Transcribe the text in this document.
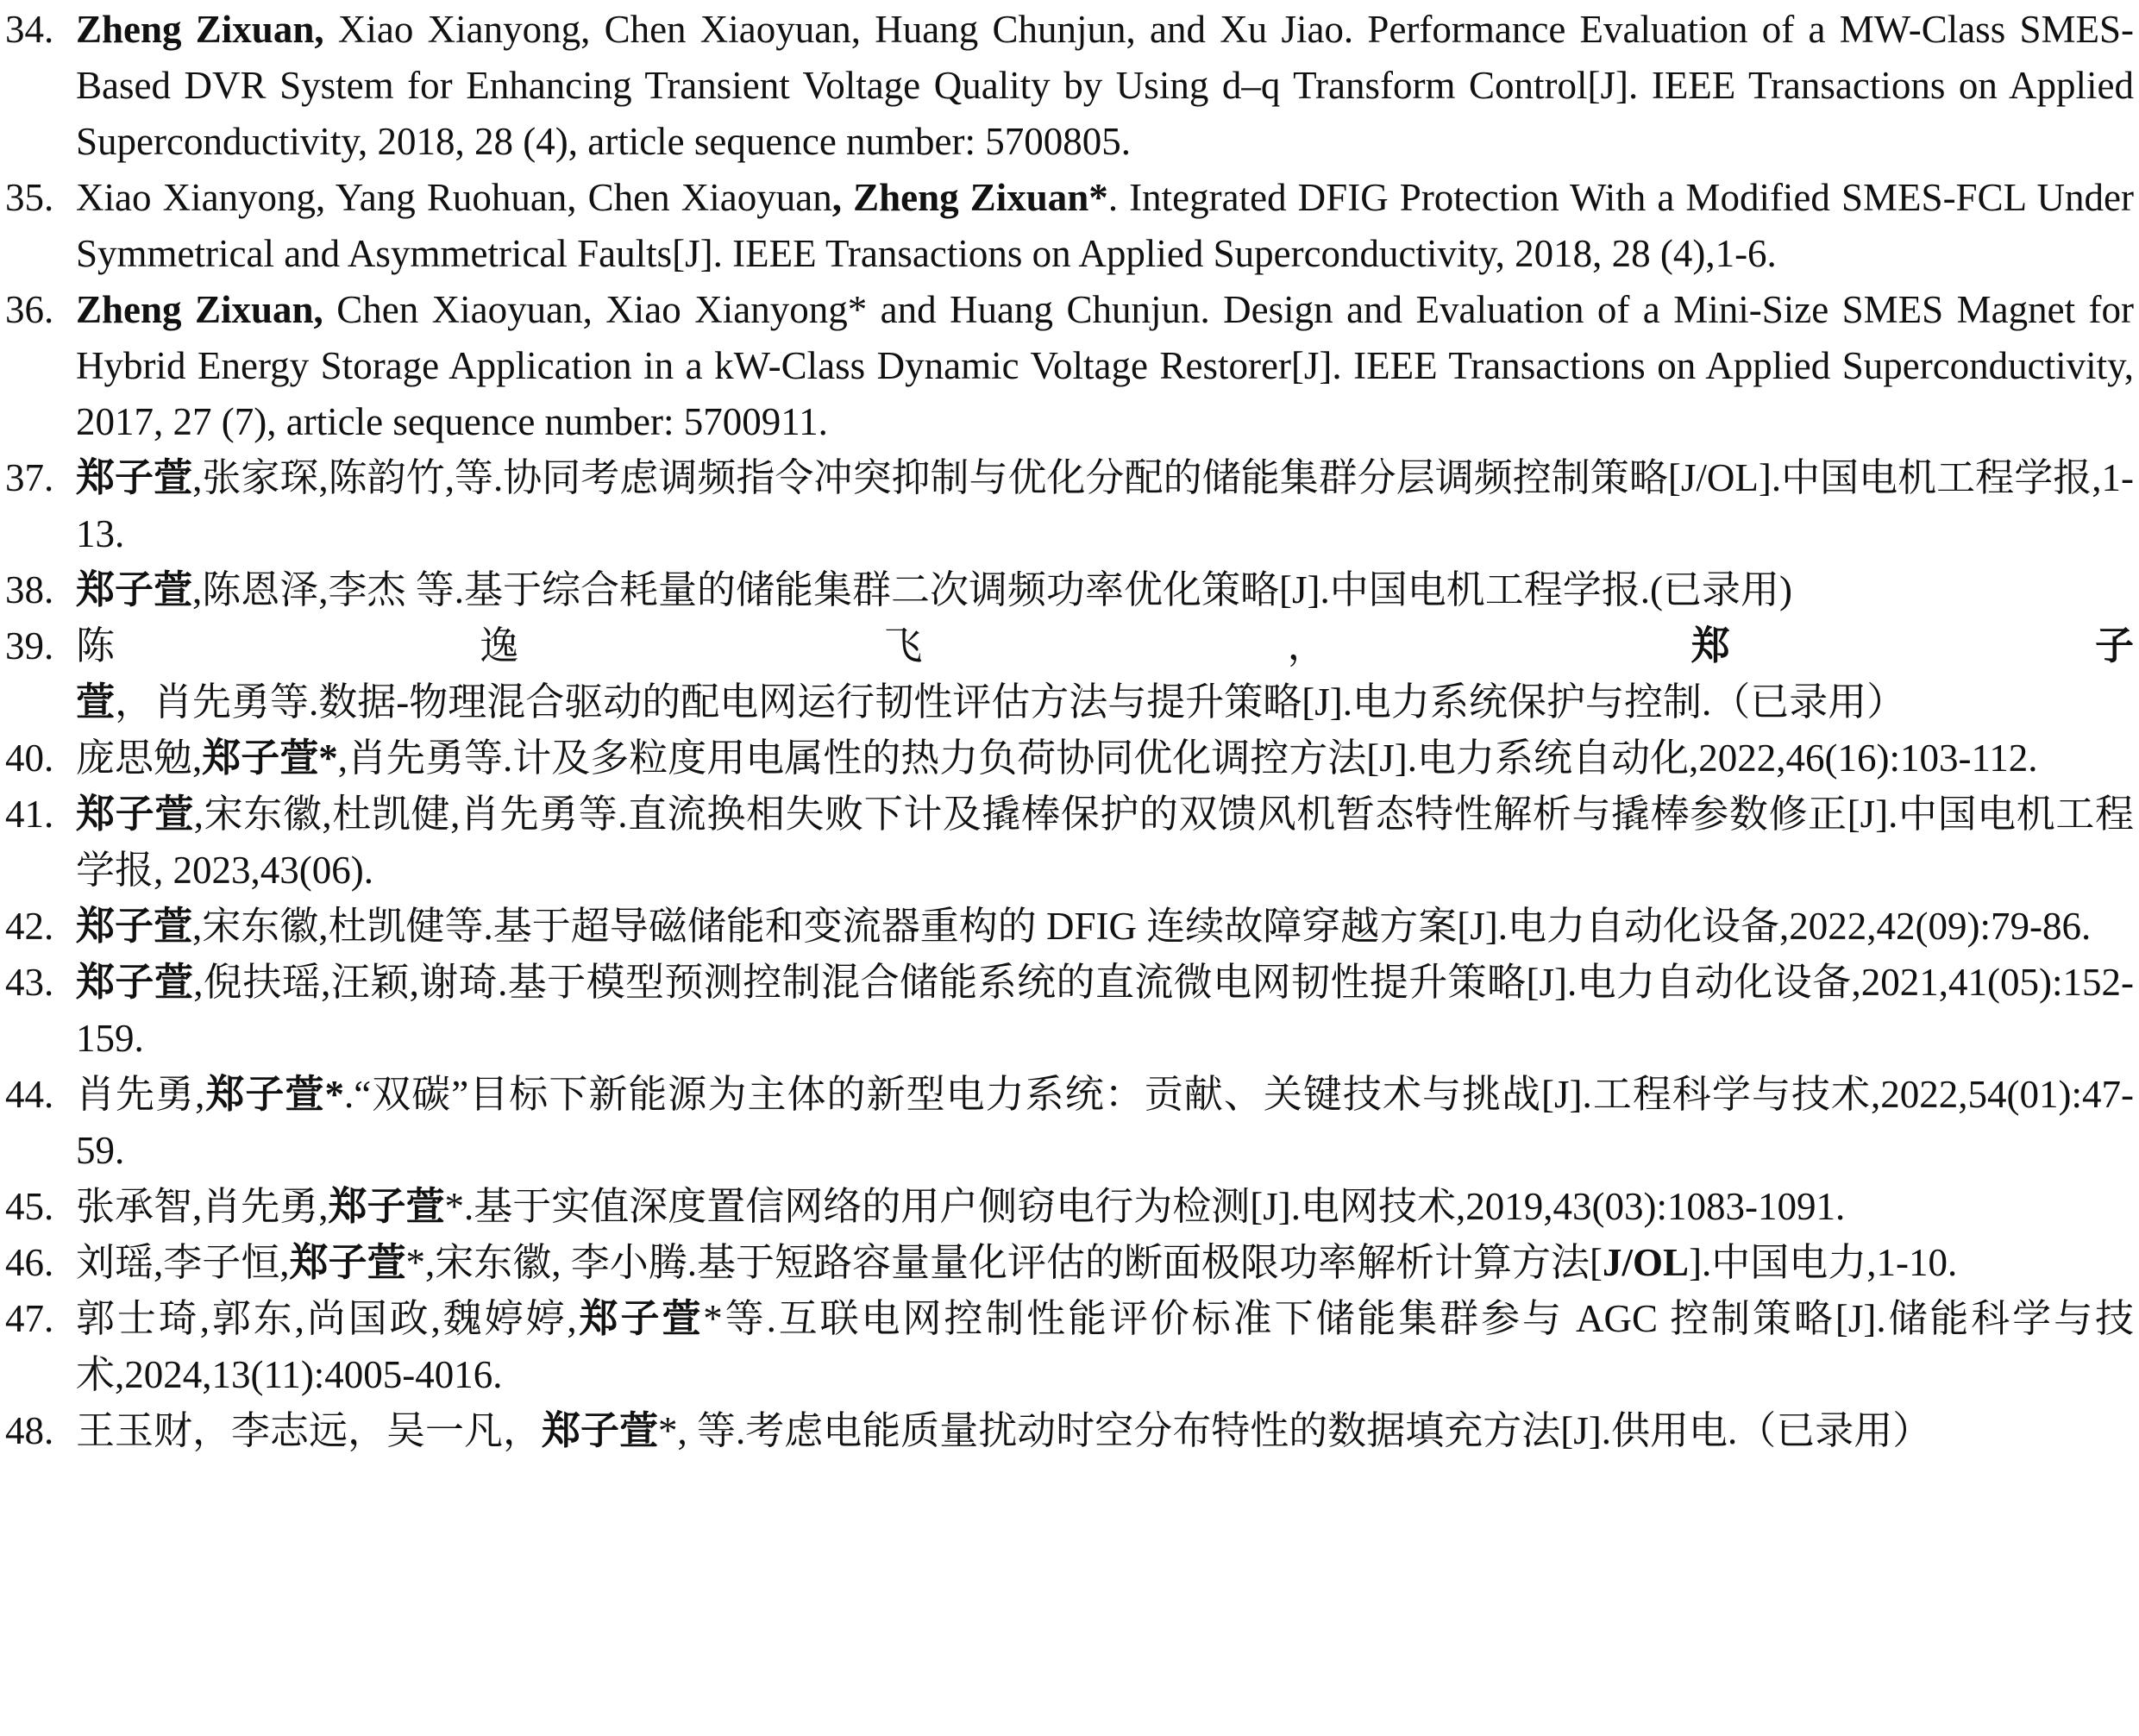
34. Zheng Zixuan, Xiao Xianyong, Chen Xiaoyuan, Huang Chunjun, and Xu Jiao. Performance Evaluation of a MW-Class SMES-Based DVR System for Enhancing Transient Voltage Quality by Using d–q Transform Control[J]. IEEE Transactions on Applied Superconductivity, 2018, 28 (4), article sequence number: 5700805.
35. Xiao Xianyong, Yang Ruohuan, Chen Xiaoyuan, Zheng Zixuan*. Integrated DFIG Protection With a Modified SMES-FCL Under Symmetrical and Asymmetrical Faults[J]. IEEE Transactions on Applied Superconductivity, 2018, 28 (4),1-6.
36. Zheng Zixuan, Chen Xiaoyuan, Xiao Xianyong* and Huang Chunjun. Design and Evaluation of a Mini-Size SMES Magnet for Hybrid Energy Storage Application in a kW-Class Dynamic Voltage Restorer[J]. IEEE Transactions on Applied Superconductivity, 2017, 27 (7), article sequence number: 5700911.
37. 郑子萱,张家琛,陈韵竹,等.协同考虑调频指令冲突抑制与优化分配的储能集群分层调频控制策略[J/OL].中国电机工程学报,1-13.
38. 郑子萱,陈恩泽,李杰 等.基于综合耗量的储能集群二次调频功率优化策略[J].中国电机工程学报.(已录用)
39. 陈逸飞，郑子萱，肖先勇等.数据-物理混合驱动的配电网运行韧性评估方法与提升策略[J].电力系统保护与控制.（已录用）
40. 庞思勉,郑子萱*,肖先勇等.计及多粒度用电属性的热力负荷协同优化调控方法[J].电力系统自动化,2022,46(16):103-112.
41. 郑子萱,宋东徽,杜凯健,肖先勇等.直流换相失败下计及撬棒保护的双馈风机暂态特性解析与撬棒参数修正[J].中国电机工程学报, 2023,43(06).
42. 郑子萱,宋东徽,杜凯健等.基于超导磁储能和变流器重构的 DFIG 连续故障穿越方案[J].电力自动化设备,2022,42(09):79-86.
43. 郑子萱,倪扶瑶,汪颖,谢琦.基于模型预测控制混合储能系统的直流微电网韧性提升策略[J].电力自动化设备,2021,41(05):152-159.
44. 肖先勇,郑子萱*.“双碳”目标下新能源为主体的新型电力系统：贡献、关键技术与挑战[J].工程科学与技术,2022,54(01):47-59.
45. 张承智,肖先勇,郑子萱*.基于实值深度置信网络的用户侧窃电行为检测[J].电网技术,2019,43(03):1083-1091.
46. 刘瑶,李子恒,郑子萱*,宋东徽, 李小腾.基于短路容量量化评估的断面极限功率解析计算方法[J/OL].中国电力,1-10.
47. 郭士琦,郭东,尚国政,魏婷婷,郑子萱*等.互联电网控制性能评价标准下储能集群参与 AGC 控制策略[J].储能科学与技术,2024,13(11):4005-4016.
48. 王玉财，李志远，吴一凡，郑子萱*, 等.考虑电能质量扰动时空分布特性的数据填充方法[J].供用电.（已录用）
